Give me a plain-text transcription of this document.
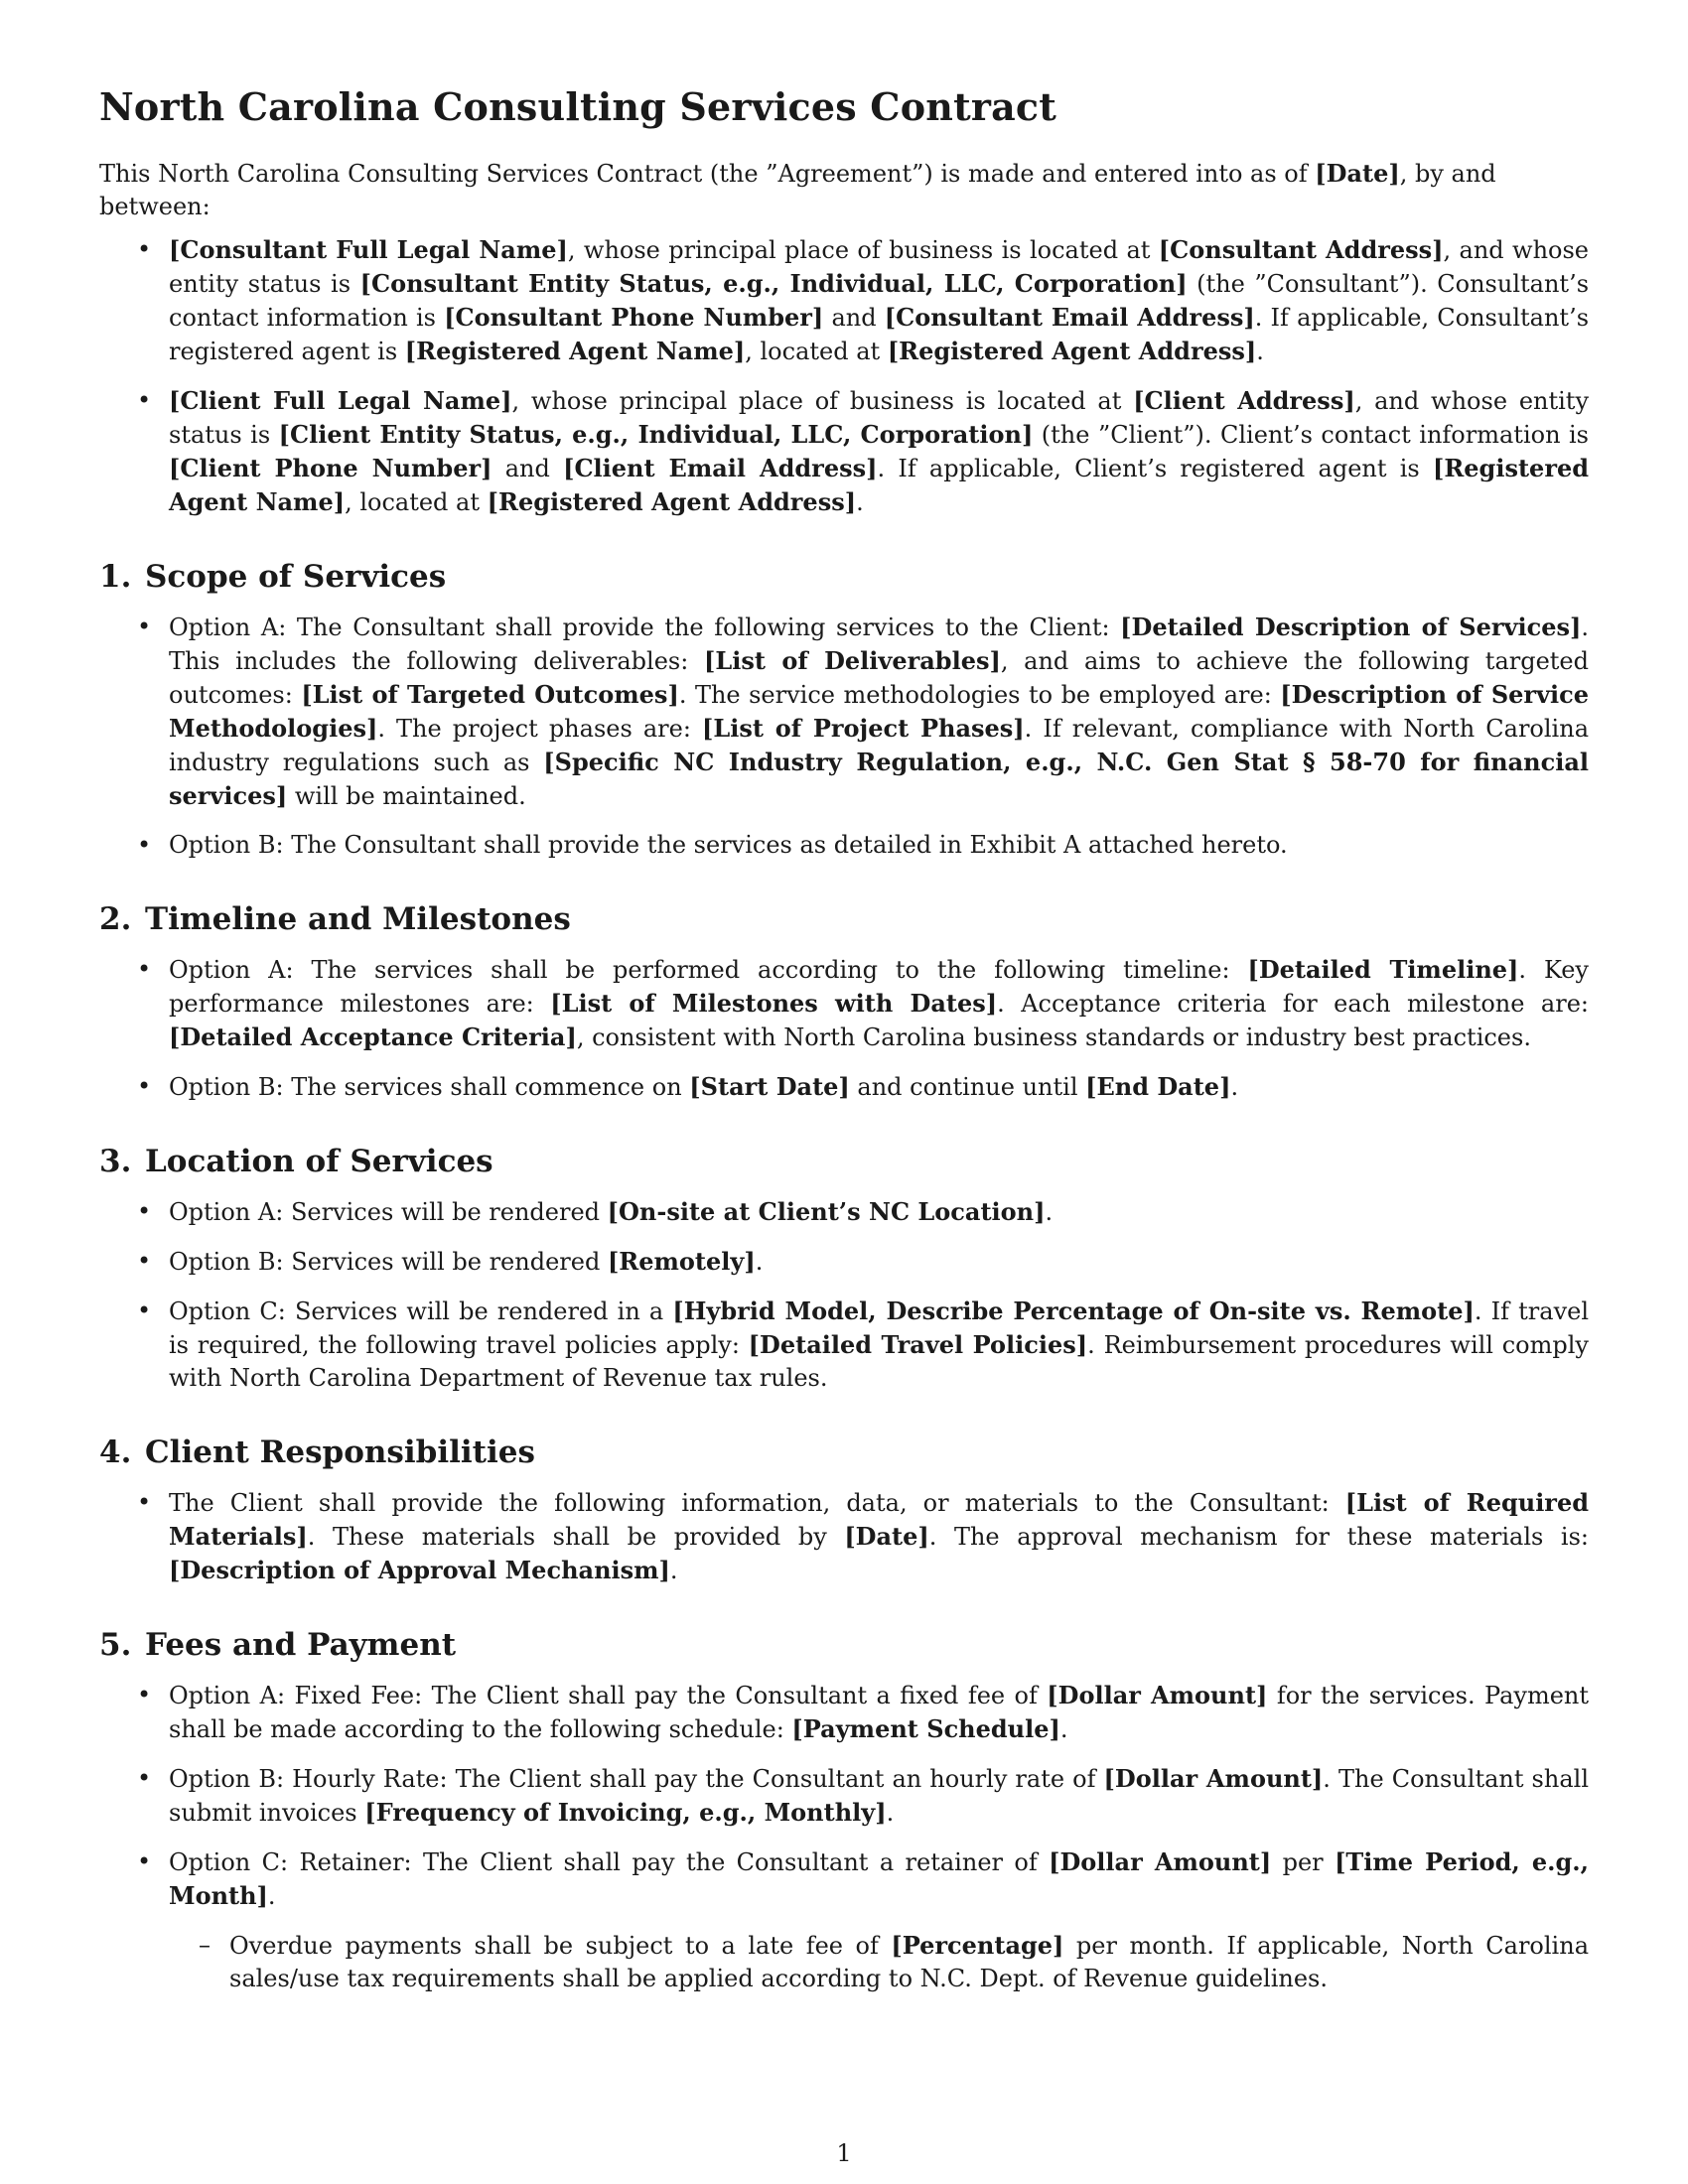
North Carolina Consulting Services Contract

This North Carolina Consulting Services Contract (the ”Agreement”) is made and entered into as of [Date], by and between:

• [Consultant Full Legal Name], whose principal place of business is located at [Consultant Address], and whose entity status is [Consultant Entity Status, e.g., Individual, LLC, Corporation] (the ”Consultant”). Consultant’s contact information is [Consultant Phone Number] and [Consultant Email Address]. If applicable, Consultant’s registered agent is [Registered Agent Name], located at [Registered Agent Address].
• [Client Full Legal Name], whose principal place of business is located at [Client Address], and whose entity status is [Client Entity Status, e.g., Individual, LLC, Corporation] (the ”Client”). Client’s contact information is [Client Phone Number] and [Client Email Address]. If applicable, Client’s registered agent is [Registered Agent Name], located at [Registered Agent Address].
1. Scope of Services
• Option A: The Consultant shall provide the following services to the Client: [Detailed Description of Services]. This includes the following deliverables: [List of Deliverables], and aims to achieve the following targeted outcomes: [List of Targeted Outcomes]. The service methodologies to be employed are: [Description of Service Methodologies]. The project phases are: [List of Project Phases]. If relevant, compliance with North Carolina industry regulations such as [Specific NC Industry Regulation, e.g., N.C. Gen Stat § 58-70 for financial services] will be maintained.
• Option B: The Consultant shall provide the services as detailed in Exhibit A attached hereto.
2. Timeline and Milestones
• Option A: The services shall be performed according to the following timeline: [Detailed Timeline]. Key performance milestones are: [List of Milestones with Dates]. Acceptance criteria for each milestone are: [Detailed Acceptance Criteria], consistent with North Carolina business standards or industry best practices.
• Option B: The services shall commence on [Start Date] and continue until [End Date].
3. Location of Services
• Option A: Services will be rendered [On-site at Client’s NC Location].
• Option B: Services will be rendered [Remotely].
• Option C: Services will be rendered in a [Hybrid Model, Describe Percentage of On-site vs. Remote]. If travel is required, the following travel policies apply: [Detailed Travel Policies]. Reimbursement procedures will comply with North Carolina Department of Revenue tax rules.
4. Client Responsibilities
• The Client shall provide the following information, data, or materials to the Consultant: [List of Required Materials]. These materials shall be provided by [Date]. The approval mechanism for these materials is: [Description of Approval Mechanism].
5. Fees and Payment
• Option A: Fixed Fee: The Client shall pay the Consultant a fixed fee of [Dollar Amount] for the services. Payment shall be made according to the following schedule: [Payment Schedule].
• Option B: Hourly Rate: The Client shall pay the Consultant an hourly rate of [Dollar Amount]. The Consultant shall submit invoices [Frequency of Invoicing, e.g., Monthly].
• Option C: Retainer: The Client shall pay the Consultant a retainer of [Dollar Amount] per [Time Period, e.g., Month].
– Overdue payments shall be subject to a late fee of [Percentage] per month. If applicable, North Carolina sales/use tax requirements shall be applied according to N.C. Dept. of Revenue guidelines.
1
